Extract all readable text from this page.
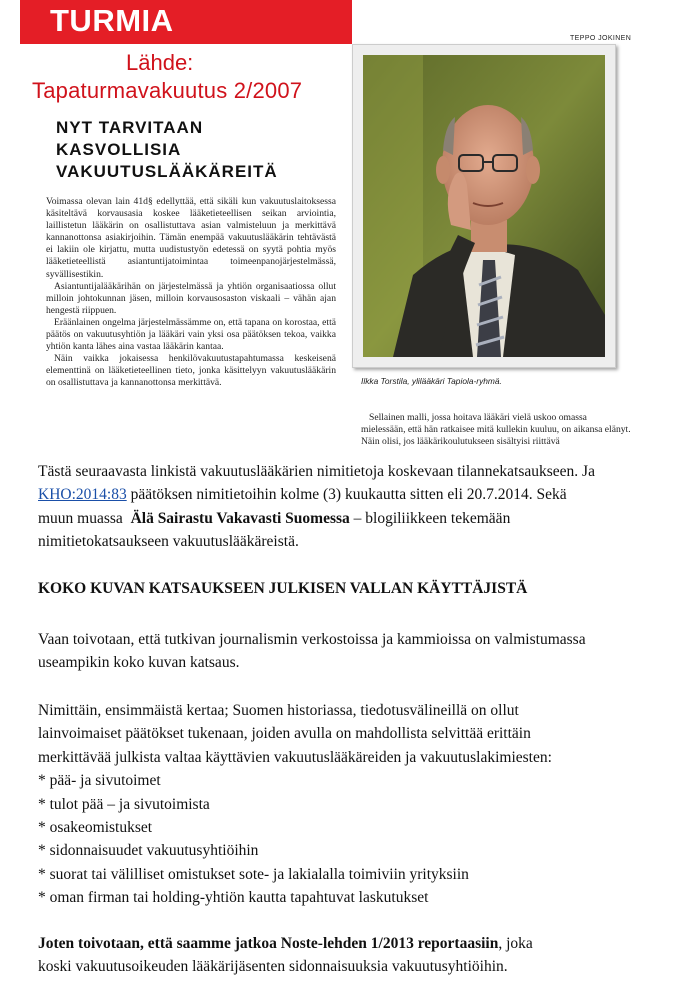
TURMIA
Lähde:
Tapaturmavakuutus 2/2007
TEPPO JOKINEN
NYT TARVITAAN
KASVOLLISIA
VAKUUTUSLÄÄKÄREITÄ

Voimassa olevan lain 41d§ edellyttää, että sikäli kun vakuutuslaitoksessa käsiteltävä korvausasia koskee lääketieteellisen seikan arviointia, laillistetun lääkärin on osallistuttava asian valmisteluun ja merkittävä kannanottonsa asiakirjoihin. Tämän enempää vakuutuslääkärin tehtävästä ei lakiin ole kirjattu, mutta uudistustyön edetessä on syytä pohtia myös lääketieteellistä asiantuntijatoimintaa toimeenpanojärjestelmässä, syvällisestikin.

Asiantuntijalääkärihän on järjestelmässä ja yhtiön organisaatiossa ollut milloin johtokunnan jäsen, milloin korvausosaston viskaali – vähän ajan hengestä riippuen.

Eräänlainen ongelma järjestelmässämme on, että tapana on korostaa, että päätös on vakuutusyhtiön ja lääkäri vain yksi osa päätöksen tekoa, vaikka yhtiön kanta lähes aina vastaa lääkärin kantaa.

Näin vaikka jokaisessa henkilövakuutustapahtumassa keskeisenä elementtinä on lääketieteellinen tieto, jonka käsittelyyn vakuutuslääkärin on osallistuttava ja kannanottonsa merkittävä.	Ilkka Torstila, ylilääkäri Tapiola-ryhmä.

Sellainen malli, jossa hoitava lääkäri vielä uskoo omassa mielessään, että hän ratkaisee mitä kullekin kuuluu, on aikansa elänyt. Näin olisi, jos lääkärikoulutukseen sisältyisi riittävä

Tästä seuraavasta linkistä vakuutuslääkärien nimitietoja koskevaan tilannekatsaukseen. Ja
KHO:2014:83 päätöksen nimitietoihin kolme (3) kuukautta sitten eli 20.7.2014. Sekä
muun muassa  Älä Sairastu Vakavasti Suomessa – blogiliikkeen tekemään
nimitietokatsaukseen vakuutuslääkäreistä.
KOKO KUVAN KATSAUKSEEN JULKISEN VALLAN KÄYTTÄJISTÄ
Vaan toivotaan, että tutkivan journalismin verkostoissa ja kammioissa on valmistumassa
useampikin koko kuvan katsaus.
Nimittäin, ensimmäistä kertaa; Suomen historiassa, tiedotusvälineillä on ollut
lainvoimaiset päätökset tukenaan, joiden avulla on mahdollista selvittää erittäin
merkittävää julkista valtaa käyttävien vakuutuslääkäreiden ja vakuutuslakimiesten:
* pää- ja sivutoimet
* tulot pää – ja sivutoimista
* osakeomistukset
* sidonnaisuudet vakuutusyhtiöihin
* suorat tai välilliset omistukset sote- ja lakialalla toimiviin yrityksiin
* oman firman tai holding-yhtiön kautta tapahtuvat laskutukset
Joten toivotaan, että saamme jatkoa Noste-lehden 1/2013 reportaasiin, joka
koski vakuutusoikeuden lääkärijäsenten sidonnaisuuksia vakuutusyhtiöihin.
